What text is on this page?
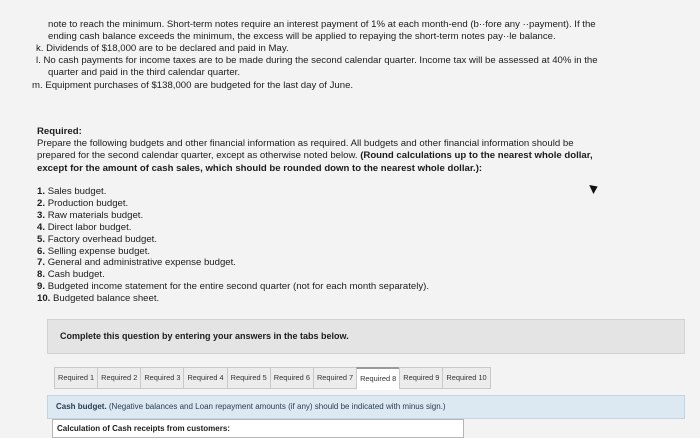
note to reach the minimum. Short-term notes require an interest payment of 1% at each month-end (b··fore any ··payment). If the
ending cash balance exceeds the minimum, the excess will be applied to repaying the short-term notes pay··le balance.
k. Dividends of $18,000 are to be declared and paid in May.
l. No cash payments for income taxes are to be made during the second calendar quarter. Income tax will be assessed at 40% in the
quarter and paid in the third calendar quarter.
m. Equipment purchases of $138,000 are budgeted for the last day of June.
Required:
Prepare the following budgets and other financial information as required. All budgets and other financial information should be
prepared for the second calendar quarter, except as otherwise noted below. (Round calculations up to the nearest whole dollar,
except for the amount of cash sales, which should be rounded down to the nearest whole dollar.):
1. Sales budget.
2. Production budget.
3. Raw materials budget.
4. Direct labor budget.
5. Factory overhead budget.
6. Selling expense budget.
7. General and administrative expense budget.
8. Cash budget.
9. Budgeted income statement for the entire second quarter (not for each month separately).
10. Budgeted balance sheet.
Complete this question by entering your answers in the tabs below.
Required 1 Required 2 Required 3 Required 4 Required 5 Required 6 Required 7 Required 8 Required 9 Required 10
Cash budget. (Negative balances and Loan repayment amounts (if any) should be indicated with minus sign.)
Calculation of Cash receipts from customers:
